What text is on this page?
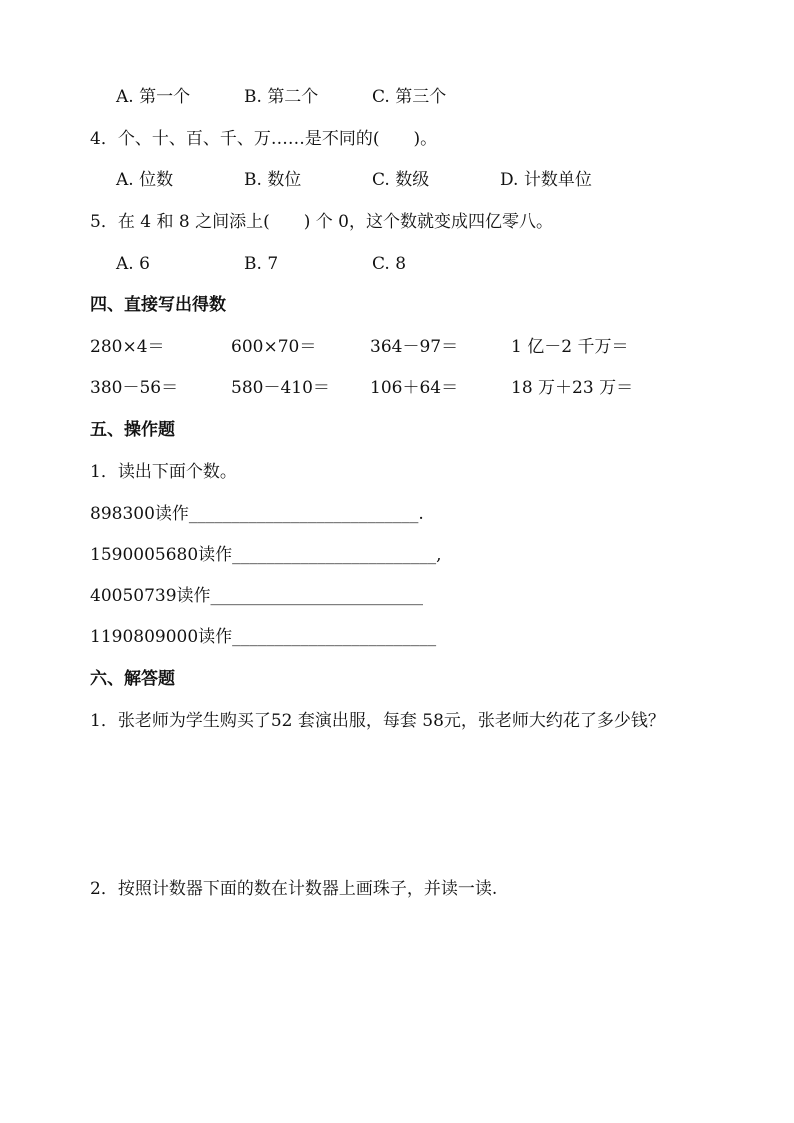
A. 第一个	B. 第二个	C. 第三个
4．个、十、百、千、万……是不同的(　　)。
A. 位数	B. 数位	C. 数级	D. 计数单位
5．在 4 和 8 之间添上(　　) 个 0，这个数就变成四亿零八。
A. 6	B. 7	C. 8
四、直接写出得数
280×4＝	600×70＝	364－97＝	1 亿－2 千万＝
380－56＝	580－410＝ 106＋64＝	18 万＋23 万＝
五、操作题
1．读出下面个数。
898300读作___________________________.
1590005680读作________________________,
40050739读作_________________________
1190809000读作________________________
六、解答题
1．张老师为学生购买了52 套演出服，每套 58元，张老师大约花了多少钱？
2．按照计数器下面的数在计数器上画珠子，并读一读.
